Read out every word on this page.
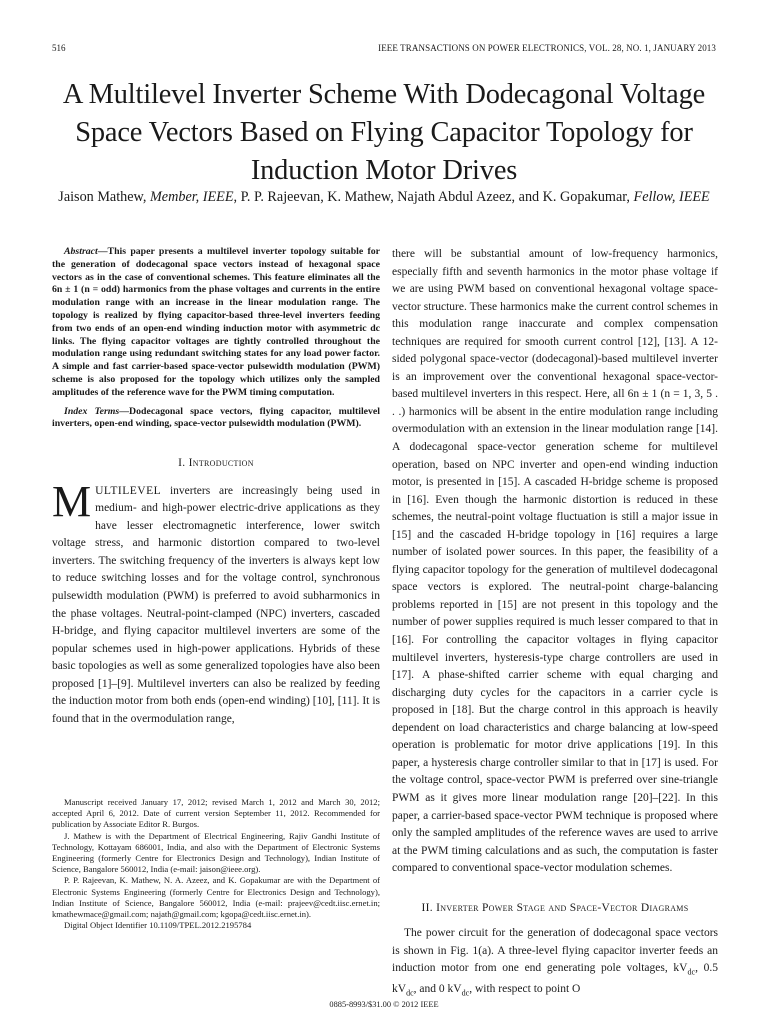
516	IEEE TRANSACTIONS ON POWER ELECTRONICS, VOL. 28, NO. 1, JANUARY 2013
A Multilevel Inverter Scheme With Dodecagonal Voltage Space Vectors Based on Flying Capacitor Topology for Induction Motor Drives
Jaison Mathew, Member, IEEE, P. P. Rajeevan, K. Mathew, Najath Abdul Azeez, and K. Gopakumar, Fellow, IEEE

Abstract—This paper presents a multilevel inverter topology suitable for the generation of dodecagonal space vectors instead of hexagonal space vectors as in the case of conventional schemes. This feature eliminates all the 6n ± 1 (n = odd) harmonics from the phase voltages and currents in the entire modulation range with an increase in the linear modulation range. The topology is realized by flying capacitor-based three-level inverters feeding from two ends of an open-end winding induction motor with asymmetric dc links. The flying capacitor voltages are tightly controlled throughout the modulation range using redundant switching states for any load power factor. A simple and fast carrier-based space-vector pulsewidth modulation (PWM) scheme is also proposed for the topology which utilizes only the sampled amplitudes of the reference wave for the PWM timing computation.

Index Terms—Dodecagonal space vectors, flying capacitor, multilevel inverters, open-end winding, space-vector pulsewidth modulation (PWM).

I. Introduction

MULTILEVEL inverters are increasingly being used in medium- and high-power electric-drive applications as they have lesser electromagnetic interference, lower switch voltage stress, and harmonic distortion compared to two-level inverters. The switching frequency of the inverters is always kept low to reduce switching losses and for the voltage control, synchronous pulsewidth modulation (PWM) is preferred to avoid subharmonics in the phase voltages. Neutral-point-clamped (NPC) inverters, cascaded H-bridge, and flying capacitor multilevel inverters are some of the popular schemes used in high-power applications. Hybrids of these basic topologies as well as some generalized topologies have also been proposed [1]–[9]. Multilevel inverters can also be realized by feeding the induction motor from both ends (open-end winding) [10], [11]. It is found that in the overmodulation range,

Manuscript received January 17, 2012; revised March 1, 2012 and March 30, 2012; accepted April 6, 2012. Date of current version September 11, 2012. Recommended for publication by Associate Editor R. Burgos.

J. Mathew is with the Department of Electrical Engineering, Rajiv Gandhi Institute of Technology, Kottayam 686001, India, and also with the Department of Electronic Systems Engineering (formerly Centre for Electronics Design and Technology), Indian Institute of Science, Bangalore 560012, India (e-mail: jaison@ieee.org).

P. P. Rajeevan, K. Mathew, N. A. Azeez, and K. Gopakumar are with the Department of Electronic Systems Engineering (formerly Centre for Electronics Design and Technology), Indian Institute of Science, Bangalore 560012, India (e-mail: prajeev@cedt.iisc.ernet.in; kmathewmace@gmail.com; najath@gmail.com; kgopa@cedt.iisc.ernet.in).

Digital Object Identifier 10.1109/TPEL.2012.2195784

there will be substantial amount of low-frequency harmonics, especially fifth and seventh harmonics in the motor phase voltage if we are using PWM based on conventional hexagonal voltage space-vector structure. These harmonics make the current control schemes in this modulation range inaccurate and complex compensation techniques are required for smooth current control [12], [13]. A 12-sided polygonal space-vector (dodecagonal)-based multilevel inverter is an improvement over the conventional hexagonal space-vector-based multilevel inverters in this respect. Here, all 6n ± 1 (n = 1, 3, 5 . . .) harmonics will be absent in the entire modulation range including overmodulation with an extension in the linear modulation range [14]. A dodecagonal space-vector generation scheme for multilevel operation, based on NPC inverter and open-end winding induction motor, is presented in [15]. A cascaded H-bridge scheme is proposed in [16]. Even though the harmonic distortion is reduced in these schemes, the neutral-point voltage fluctuation is still a major issue in [15] and the cascaded H-bridge topology in [16] requires a large number of isolated power sources. In this paper, the feasibility of a flying capacitor topology for the generation of multilevel dodecagonal space vectors is explored. The neutral-point charge-balancing problems reported in [15] are not present in this topology and the number of power supplies required is much lesser compared to that in [16]. For controlling the capacitor voltages in flying capacitor multilevel inverters, hysteresis-type charge controllers are used in [17]. A phase-shifted carrier scheme with equal charging and discharging duty cycles for the capacitors in a carrier cycle is proposed in [18]. But the charge control in this approach is heavily dependent on load characteristics and charge balancing at low-speed operation is problematic for motor drive applications [19]. In this paper, a hysteresis charge controller similar to that in [17] is used. For the voltage control, space-vector PWM is preferred over sine-triangle PWM as it gives more linear modulation range [20]–[22]. In this paper, a carrier-based space-vector PWM technique is proposed where only the sampled amplitudes of the reference waves are used to arrive at the PWM timing calculations and as such, the computation is faster compared to conventional space-vector modulation schemes.

II. Inverter Power Stage and Space-Vector Diagrams

The power circuit for the generation of dodecagonal space vectors is shown in Fig. 1(a). A three-level flying capacitor inverter feeds an induction motor from one end generating pole voltages, $kV_{dc}$, 0.5 $kV_{dc}$, and 0 $kV_{dc}$, with respect to point O

0885-8993/$31.00 © 2012 IEEE
